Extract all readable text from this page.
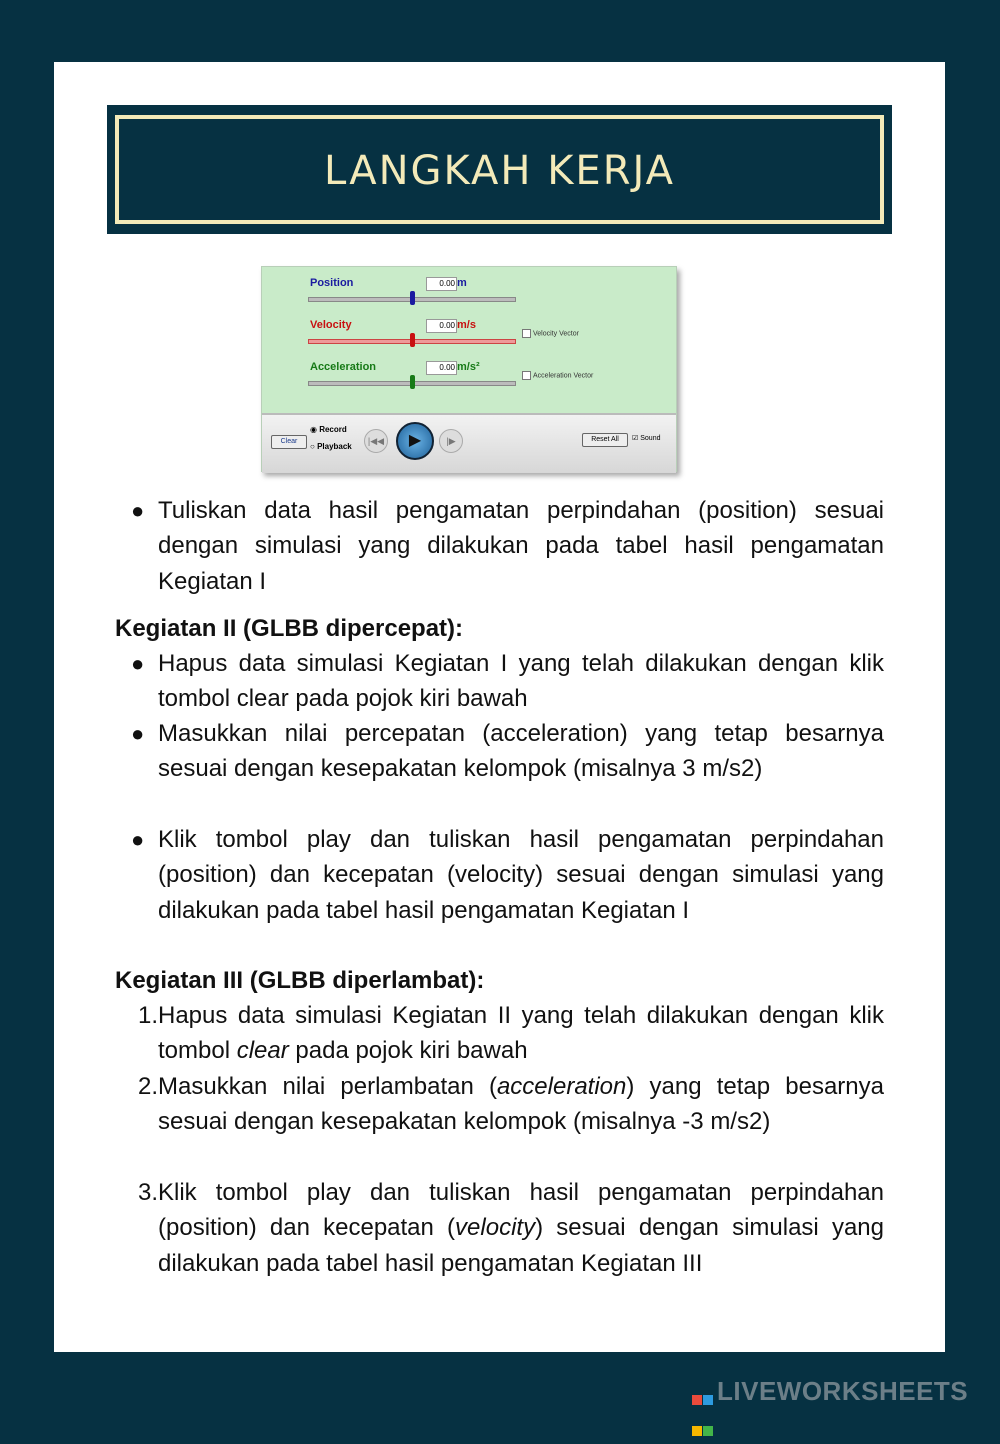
LANGKAH KERJA
Position	0.00 m
Velocity	0.00 m/s
Velocity Vector
Acceleration	0.00 m/s²
Acceleration Vector
Clear
◉ Record
○ Playback
|◀◀	▶	|▶	Reset All	☑ Sound
● Tuliskan data hasil pengamatan perpindahan (position) sesuai dengan simulasi yang dilakukan pada tabel hasil pengamatan Kegiatan I
Kegiatan II (GLBB dipercepat):
● Hapus data simulasi Kegiatan I yang telah dilakukan dengan klik tombol clear pada pojok kiri bawah
● Masukkan nilai percepatan (acceleration) yang tetap besarnya sesuai dengan kesepakatan kelompok (misalnya 3 m/s2)
● Klik tombol play dan tuliskan hasil pengamatan perpindahan (position) dan kecepatan (velocity) sesuai dengan simulasi yang dilakukan pada tabel hasil pengamatan Kegiatan I
Kegiatan III (GLBB diperlambat):
1. Hapus data simulasi Kegiatan II yang telah dilakukan dengan klik tombol clear pada pojok kiri bawah
2. Masukkan nilai perlambatan (acceleration) yang tetap besarnya sesuai dengan kesepakatan kelompok (misalnya -3 m/s2)
3. Klik tombol play dan tuliskan hasil pengamatan perpindahan (position) dan kecepatan (velocity) sesuai dengan simulasi yang dilakukan pada tabel hasil pengamatan Kegiatan III
LIVEWORKSHEETS
